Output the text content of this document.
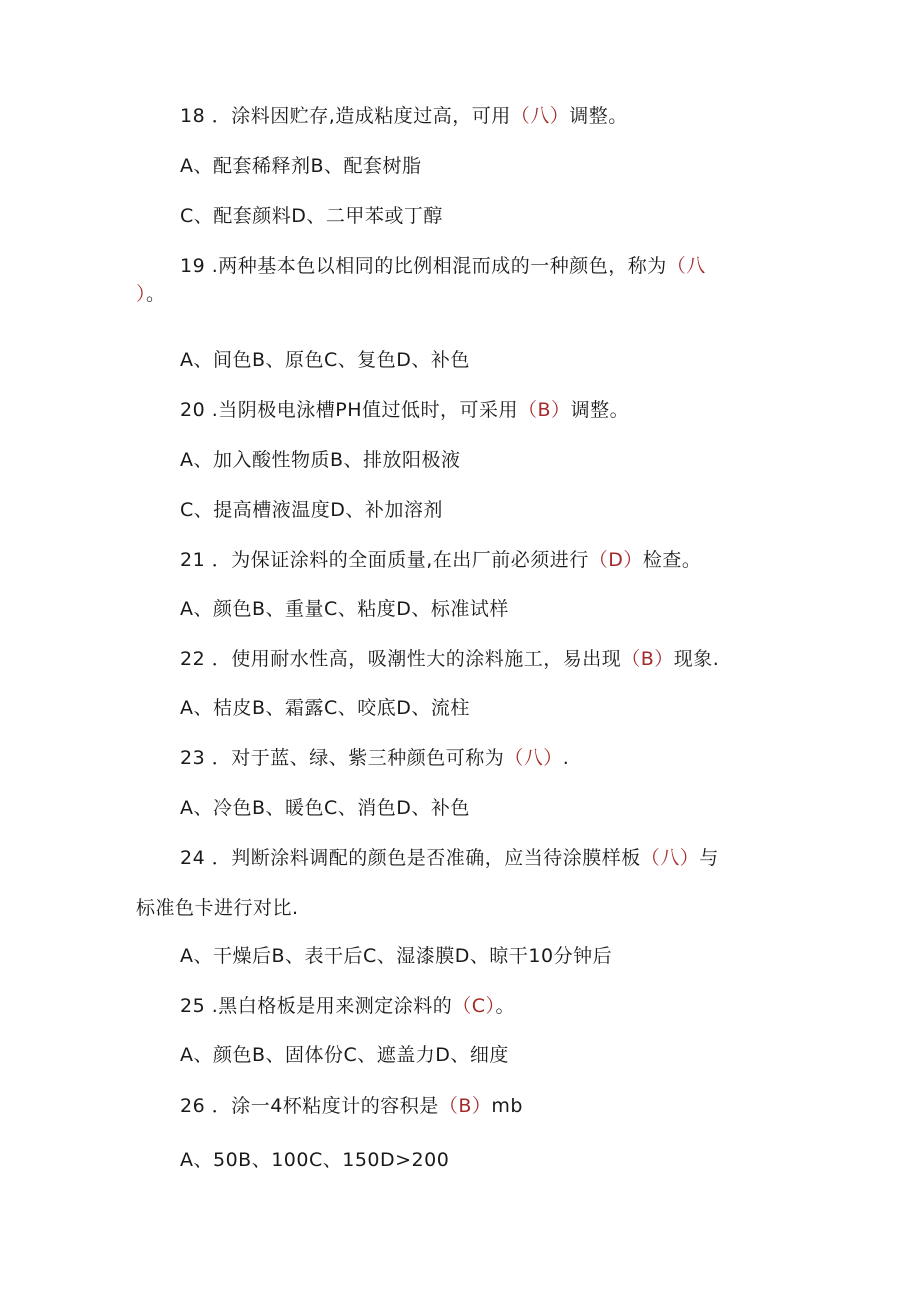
18 ．涂料因贮存,造成粘度过高，可用（八）调整。
A、配套稀释剂B、配套树脂
C、配套颜料D、二甲苯或丁醇
19 .两种基本色以相同的比例相混而成的一种颜色，称为（八
）。
A、间色B、原色C、复色D、补色
20 .当阴极电泳槽PH值过低时，可采用（B）调整。
A、加入酸性物质B、排放阳极液
C、提高槽液温度D、补加溶剂
21 ．为保证涂料的全面质量,在出厂前必须进行（D）检查。
A、颜色B、重量C、粘度D、标准试样
22 ．使用耐水性高，吸潮性大的涂料施工，易出现（B）现象.
A、桔皮B、霜露C、咬底D、流柱
23 ．对于蓝、绿、紫三种颜色可称为（八）.
A、冷色B、暖色C、消色D、补色
24 ．判断涂料调配的颜色是否准确，应当待涂膜样板（八）与
标准色卡进行对比.
A、干燥后B、表干后C、湿漆膜D、晾干10分钟后
25 .黑白格板是用来测定涂料的（C）。
A、颜色B、固体份C、遮盖力D、细度
26 ．涂一4杯粘度计的容积是（B）mb
A、50B、100C、150D>200
